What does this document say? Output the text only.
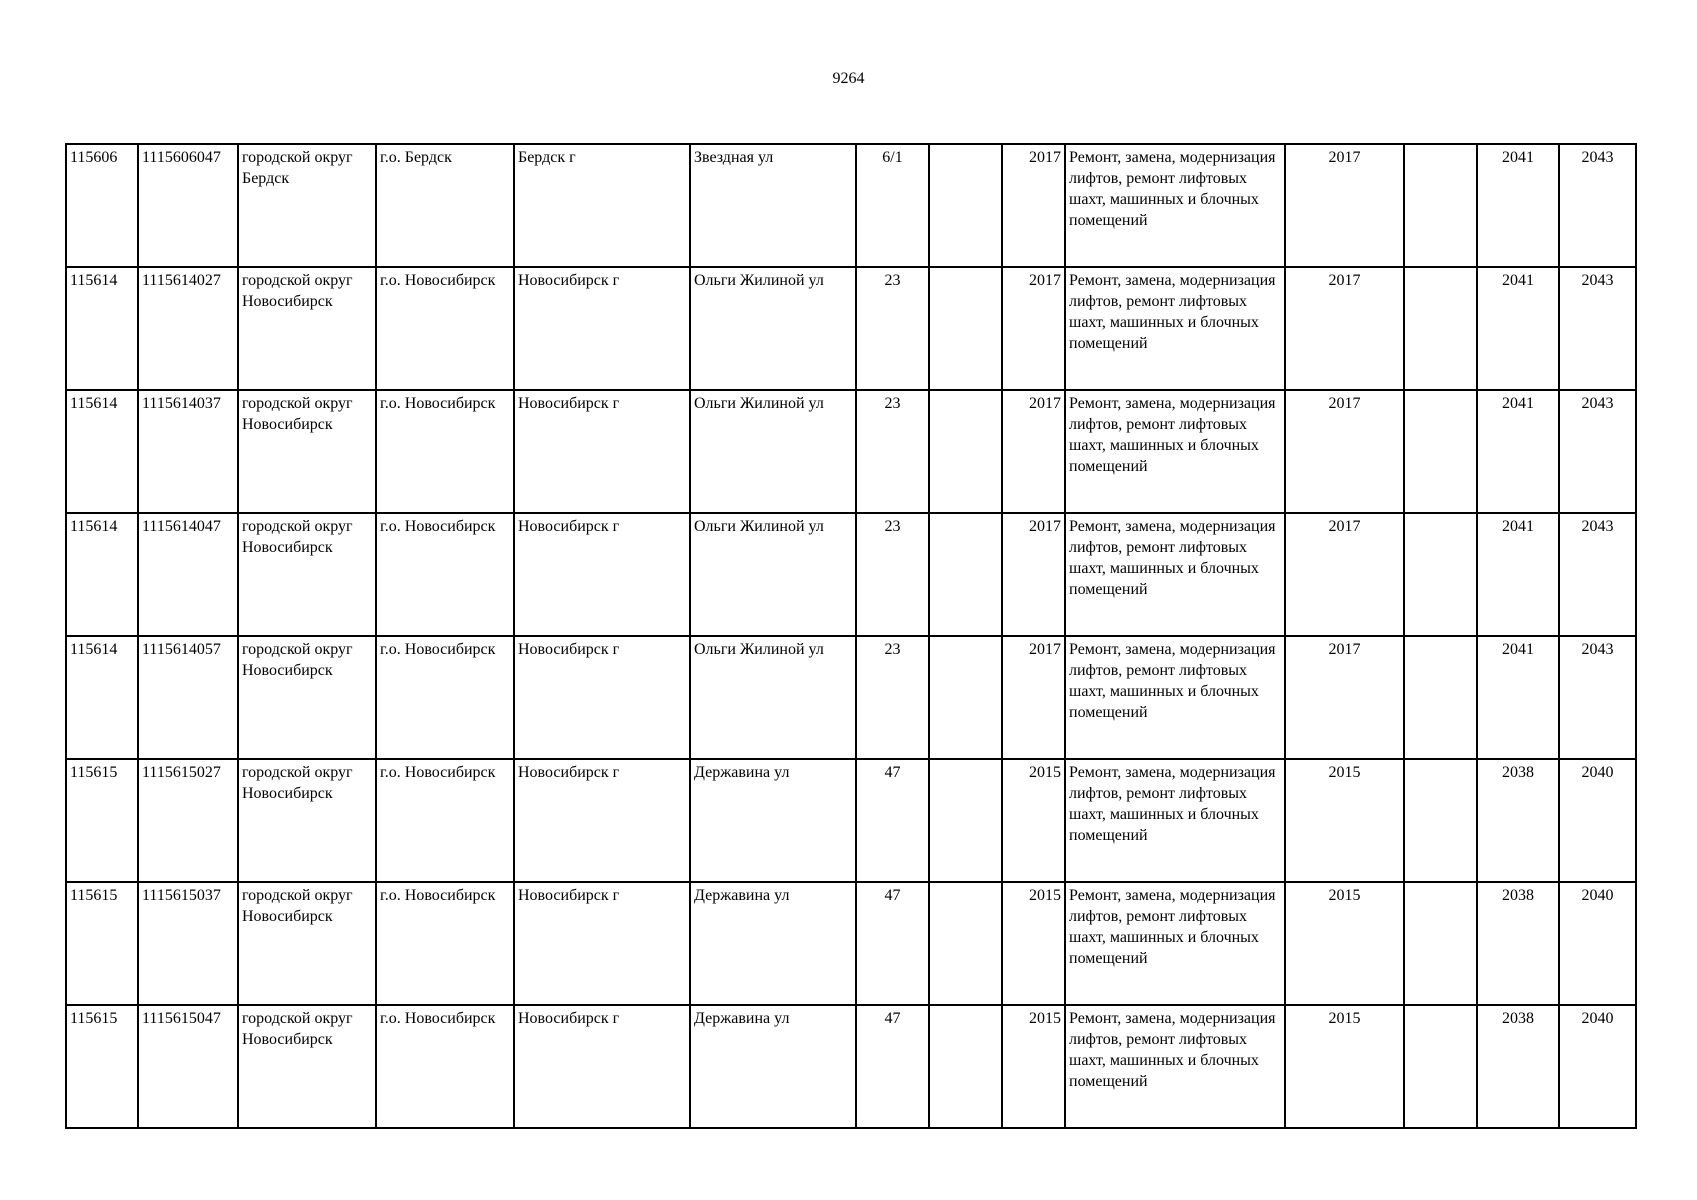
9264
115606	1115606047	городской округ Бердск	г.о. Бердск	Бердск г	Звездная ул	6/1		2017	Ремонт, замена, модернизация лифтов, ремонт лифтовых шахт, машинных и блочных помещений	2017		2041	2043
115614	1115614027	городской округ Новосибирск	г.о. Новосибирск	Новосибирск г	Ольги Жилиной ул	23		2017	Ремонт, замена, модернизация лифтов, ремонт лифтовых шахт, машинных и блочных помещений	2017		2041	2043
115614	1115614037	городской округ Новосибирск	г.о. Новосибирск	Новосибирск г	Ольги Жилиной ул	23		2017	Ремонт, замена, модернизация лифтов, ремонт лифтовых шахт, машинных и блочных помещений	2017		2041	2043
115614	1115614047	городской округ Новосибирск	г.о. Новосибирск	Новосибирск г	Ольги Жилиной ул	23		2017	Ремонт, замена, модернизация лифтов, ремонт лифтовых шахт, машинных и блочных помещений	2017		2041	2043
115614	1115614057	городской округ Новосибирск	г.о. Новосибирск	Новосибирск г	Ольги Жилиной ул	23		2017	Ремонт, замена, модернизация лифтов, ремонт лифтовых шахт, машинных и блочных помещений	2017		2041	2043
115615	1115615027	городской округ Новосибирск	г.о. Новосибирск	Новосибирск г	Державина ул	47		2015	Ремонт, замена, модернизация лифтов, ремонт лифтовых шахт, машинных и блочных помещений	2015		2038	2040
115615	1115615037	городской округ Новосибирск	г.о. Новосибирск	Новосибирск г	Державина ул	47		2015	Ремонт, замена, модернизация лифтов, ремонт лифтовых шахт, машинных и блочных помещений	2015		2038	2040
115615	1115615047	городской округ Новосибирск	г.о. Новосибирск	Новосибирск г	Державина ул	47		2015	Ремонт, замена, модернизация лифтов, ремонт лифтовых шахт, машинных и блочных помещений	2015		2038	2040
